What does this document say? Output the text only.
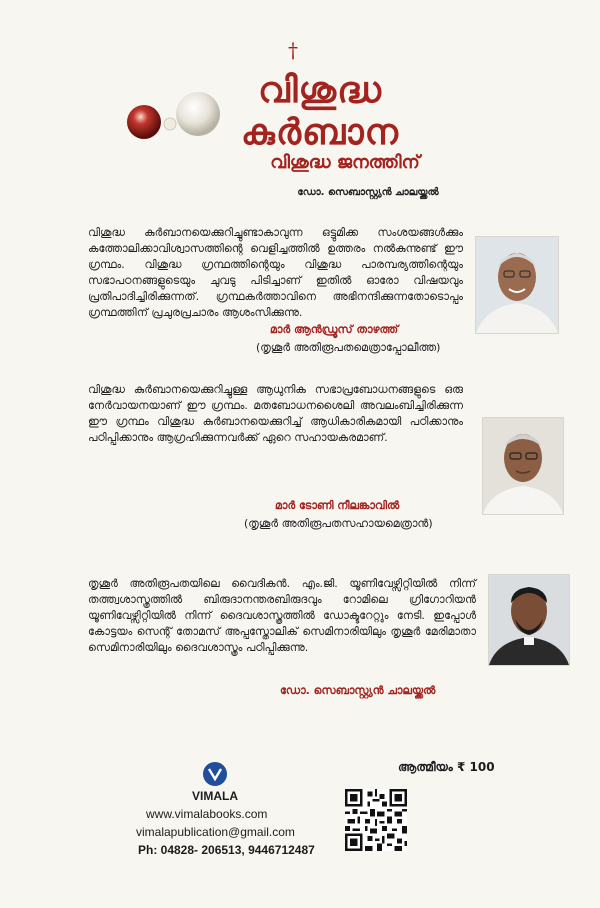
†
വിശുദ്ധ
കുർബാന
വിശുദ്ധ ജനത്തിന്
ഡോ. സെബാസ്റ്റ്യൻ ചാലയ്ക്കൽ
വിശുദ്ധ കുർബാനയെക്കുറിച്ചുണ്ടാകാവുന്ന ഒട്ടുമിക്ക സംശയങ്ങൾക്കും കത്തോലിക്കാവിശ്വാസത്തിന്റെ വെളിച്ചത്തിൽ ഉത്തരം നൽകുന്നുണ്ട് ഈ ഗ്രന്ഥം. വിശുദ്ധ ഗ്രന്ഥത്തിന്റെയും വിശുദ്ധ പാരമ്പര്യത്തിന്റെയും സഭാപഠനങ്ങളുടെയും ചുവടു പിടിച്ചാണ് ഇതിൽ ഓരോ വിഷയവും പ്രതിപാദിച്ചിരിക്കുന്നത്. ഗ്രന്ഥകർത്താവിനെ അഭിനന്ദിക്കുന്നതോടൊപ്പം ഗ്രന്ഥത്തിന് പ്രചുരപ്രചാരം ആശംസിക്കുന്നു.
മാർ ആൻഡ്രൂസ് താഴത്ത്
(തൃശൂർ അതിരൂപതമെത്രാപ്പോലീത്ത)
വിശുദ്ധ കുർബാനയെക്കുറിച്ചുള്ള ആധുനിക സഭാപ്രബോധനങ്ങളുടെ ഒരു നേർവായനയാണ് ഈ ഗ്രന്ഥം. മതബോധനശൈലി അവലംബിച്ചിരിക്കുന്ന ഈ ഗ്രന്ഥം വിശുദ്ധ കുർബാനയെക്കുറിച്ച് ആധികാരികമായി പഠിക്കാനും പഠിപ്പിക്കാനും ആഗ്രഹിക്കുന്നവർക്ക് ഏറെ സഹായകരമാണ്.
മാർ ടോണി നീലങ്കാവിൽ
(തൃശൂർ അതിരൂപതസഹായമെത്രാൻ)
തൃശൂർ അതിരൂപതയിലെ വൈദികൻ. എം.ജി. യൂണിവേഴ്സിറ്റിയിൽ നിന്ന് തത്ത്വശാസ്ത്രത്തിൽ ബിരുദാനന്തരബിരുദവും റോമിലെ ഗ്രിഗോറിയൻ യൂണിവേഴ്സിറ്റിയിൽ നിന്ന് ദൈവശാസ്ത്രത്തിൽ ഡോക്ടറേറ്റും നേടി. ഇപ്പോൾ കോട്ടയം സെന്റ് തോമസ് അപ്പസ്തോലിക് സെമിനാരിയിലും തൃശൂർ മേരിമാതാ സെമിനാരിയിലും ദൈവശാസ്ത്രം പഠിപ്പിക്കുന്നു.
ഡോ. സെബാസ്റ്റ്യൻ ചാലയ്ക്കൽ
VIMALA
www.vimalabooks.com
vimalapublication@gmail.com
Ph: 04828- 206513, 9446712487
ആത്മീയം ₹ 100
